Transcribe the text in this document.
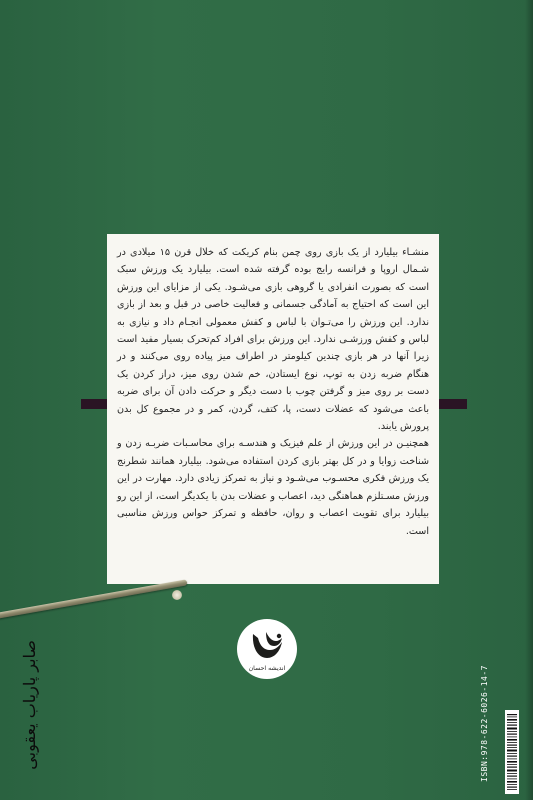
منشـاء بیلیارد از یک بازی روی چمن بنام کریکت که خلال قرن ۱۵ میلادی در شـمال اروپا و فرانسه رایج بوده گرفته شده است. بیلیارد یک ورزش سبک است که بصورت انفرادی یا گروهی بازی می‌شـود. یکی از مزایای این ورزش این است که احتیاج به آمادگی جسمانی و فعالیت خاصی در قبل و بعد از بازی ندارد. این ورزش را می‌تـوان با لباس و کفش معمولی انجـام داد و نیازی به لباس و کفش ورزشـی ندارد. این ورزش برای افراد کم‌تحرک بسیار مفید است زیرا آنها در هر بازی چندین کیلومتر در اطراف میز پیاده روی می‌کنند و در هنگام ضربه زدن به توپ، نوع ایستادن، خم شدن روی میز، دراز کردن یک دست بر روی میز و گرفتن چوب با دست دیگر و حرکت دادن آن برای ضربه باعث می‌شود که عضلات دست، پا، کتف، گردن، کمر و در مجموع کل بدن پرورش یابند.

همچنیـن در این ورزش از علم فیزیک و هندسـه برای محاسـبات ضربـه زدن و شناخت زوایا و در کل بهتر بازی کردن استفاده می‌شود. بیلیارد همانند شطرنج یک ورزش فکری محسـوب می‌شـود و نیاز به تمرکز زیادی دارد. مهارت در این ورزش مسـتلزم هماهنگی دید، اعصاب و عضلات بدن با یکدیگر است، از این رو بیلیارد برای تقویت اعصاب و روان، حافظه و تمرکز حواس ورزش مناسبی است.

صابر پاریاب یعقوبی	اندیشه احسان	ISBN:978-622-6026-14-7
9786226026147
